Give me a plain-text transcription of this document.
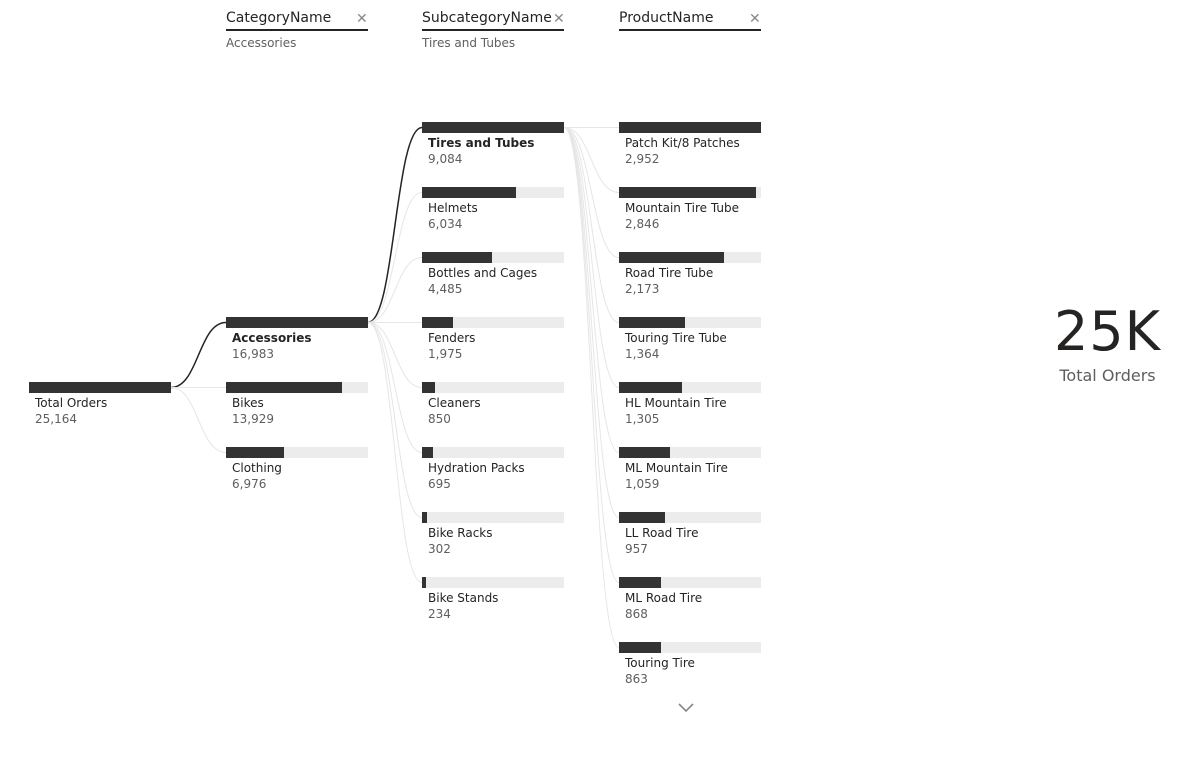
CategoryName ✕
Accessories
SubcategoryName ✕
Tires and Tubes
ProductName	✕
Total Orders
25,164
Accessories
16,983
Bikes
13,929
Clothing
6,976
Tires and Tubes
9,084
Helmets
6,034
Bottles and Cages
4,485
Fenders
1,975
Cleaners
850
Hydration Packs
695
Bike Racks
302
Bike Stands
234
Patch Kit/8 Patches
2,952
Mountain Tire Tube
2,846
Road Tire Tube
2,173
Touring Tire Tube
1,364
HL Mountain Tire
1,305
ML Mountain Tire
1,059
LL Road Tire
957
ML Road Tire
868
Touring Tire
863
25K
Total Orders
